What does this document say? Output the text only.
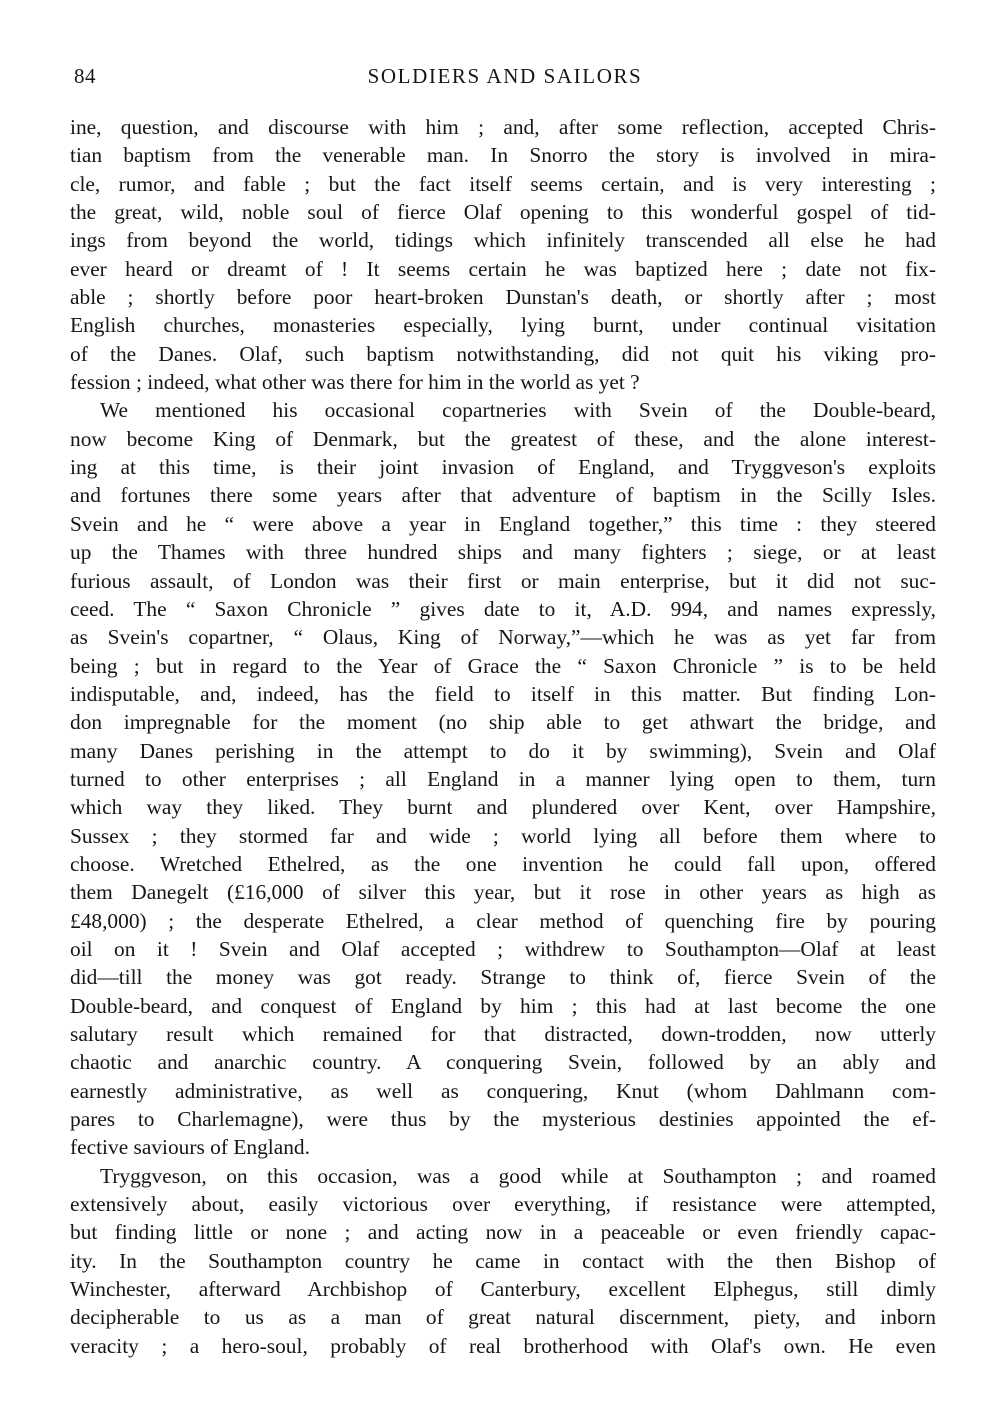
84	SOLDIERS AND SAILORS
ine, question, and discourse with him ; and, after some reflection, accepted Chris-
tian baptism from the venerable man. In Snorro the story is involved in mira-
cle, rumor, and fable ; but the fact itself seems certain, and is very interesting ;
the great, wild, noble soul of fierce Olaf opening to this wonderful gospel of tid-
ings from beyond the world, tidings which infinitely transcended all else he had
ever heard or dreamt of ! It seems certain he was baptized here ; date not fix-
able ; shortly before poor heart-broken Dunstan's death, or shortly after ; most
English churches, monasteries especially, lying burnt, under continual visitation
of the Danes. Olaf, such baptism notwithstanding, did not quit his viking pro-
fession ; indeed, what other was there for him in the world as yet ?
We mentioned his occasional copartneries with Svein of the Double-beard,
now become King of Denmark, but the greatest of these, and the alone interest-
ing at this time, is their joint invasion of England, and Tryggveson's exploits
and fortunes there some years after that adventure of baptism in the Scilly Isles.
Svein and he “ were above a year in England together,” this time : they steered
up the Thames with three hundred ships and many fighters ; siege, or at least
furious assault, of London was their first or main enterprise, but it did not suc-
ceed. The “ Saxon Chronicle ” gives date to it, A.D. 994, and names expressly,
as Svein's copartner, “ Olaus, King of Norway,”—which he was as yet far from
being ; but in regard to the Year of Grace the “ Saxon Chronicle ” is to be held
indisputable, and, indeed, has the field to itself in this matter. But finding Lon-
don impregnable for the moment (no ship able to get athwart the bridge, and
many Danes perishing in the attempt to do it by swimming), Svein and Olaf
turned to other enterprises ; all England in a manner lying open to them, turn
which way they liked. They burnt and plundered over Kent, over Hampshire,
Sussex ; they stormed far and wide ; world lying all before them where to
choose. Wretched Ethelred, as the one invention he could fall upon, offered
them Danegelt (£16,000 of silver this year, but it rose in other years as high as
£48,000) ; the desperate Ethelred, a clear method of quenching fire by pouring
oil on it ! Svein and Olaf accepted ; withdrew to Southampton—Olaf at least
did—till the money was got ready. Strange to think of, fierce Svein of the
Double-beard, and conquest of England by him ; this had at last become the one
salutary result which remained for that distracted, down-trodden, now utterly
chaotic and anarchic country. A conquering Svein, followed by an ably and
earnestly administrative, as well as conquering, Knut (whom Dahlmann com-
pares to Charlemagne), were thus by the mysterious destinies appointed the ef-
fective saviours of England.
Tryggveson, on this occasion, was a good while at Southampton ; and roamed
extensively about, easily victorious over everything, if resistance were attempted,
but finding little or none ; and acting now in a peaceable or even friendly capac-
ity. In the Southampton country he came in contact with the then Bishop of
Winchester, afterward Archbishop of Canterbury, excellent Elphegus, still dimly
decipherable to us as a man of great natural discernment, piety, and inborn
veracity ; a hero-soul, probably of real brotherhood with Olaf's own. He even
